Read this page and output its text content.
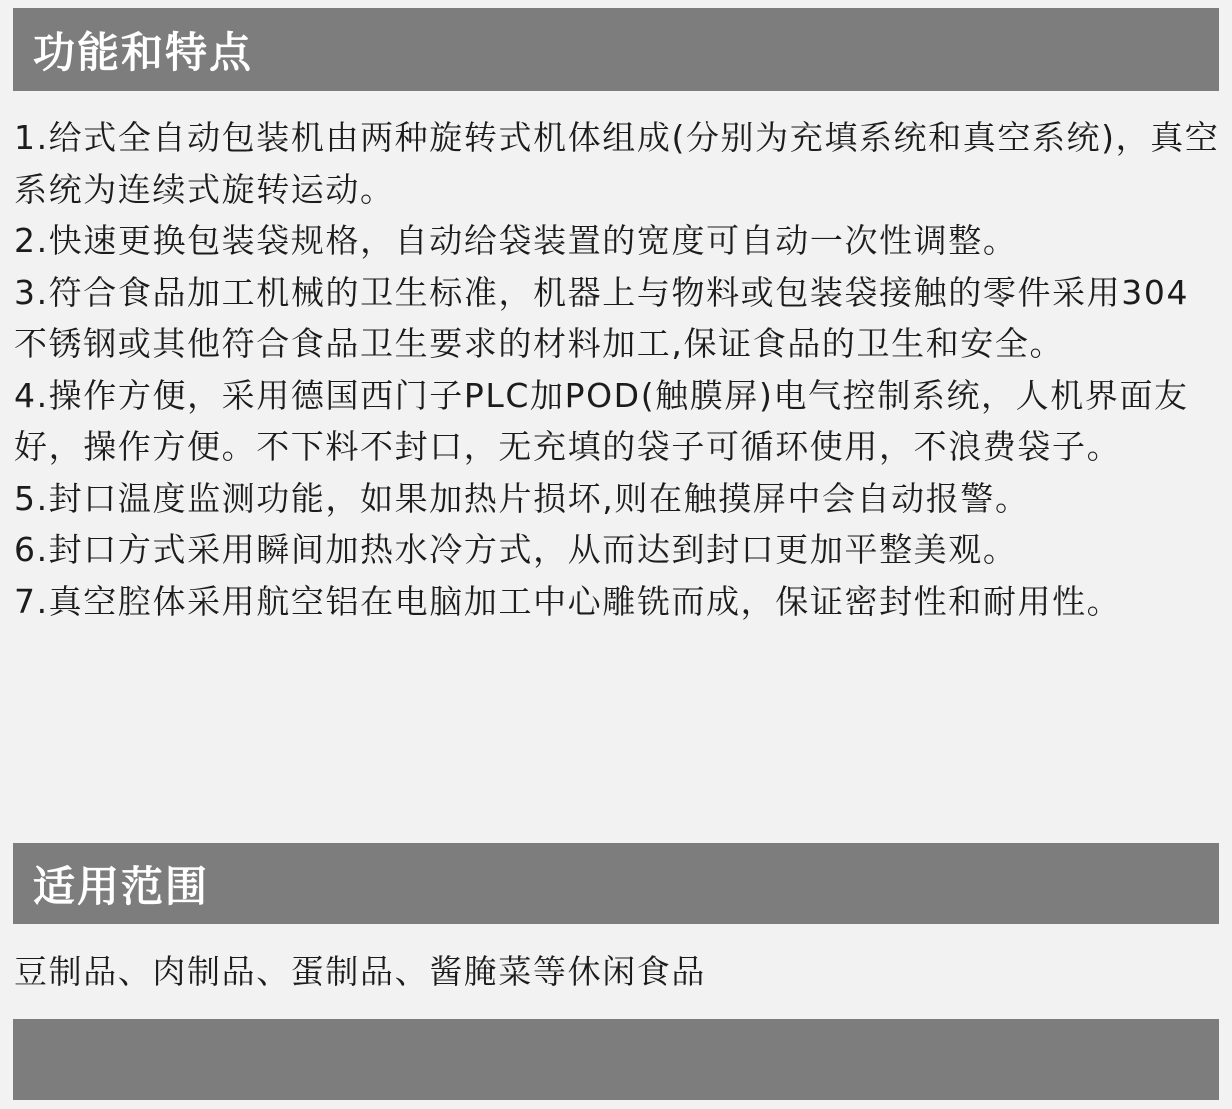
功能和特点

1.给式全自动包装机由两种旋转式机体组成(分别为充填系统和真空系统)，真空系统为连续式旋转运动。

2.快速更换包装袋规格，自动给袋装置的宽度可自动一次性调整。

3.符合食品加工机械的卫生标准，机器上与物料或包装袋接触的零件采用304不锈钢或其他符合食品卫生要求的材料加工,保证食品的卫生和安全。

4.操作方便，采用德国西门子PLC加POD(触膜屏)电气控制系统，人机界面友好，操作方便。不下料不封口，无充填的袋子可循环使用，不浪费袋子。

5.封口温度监测功能，如果加热片损坏,则在触摸屏中会自动报警。

6.封口方式采用瞬间加热水冷方式，从而达到封口更加平整美观。

7.真空腔体采用航空铝在电脑加工中心雕铣而成，保证密封性和耐用性。

适用范围
豆制品、肉制品、蛋制品、酱腌菜等休闲食品
